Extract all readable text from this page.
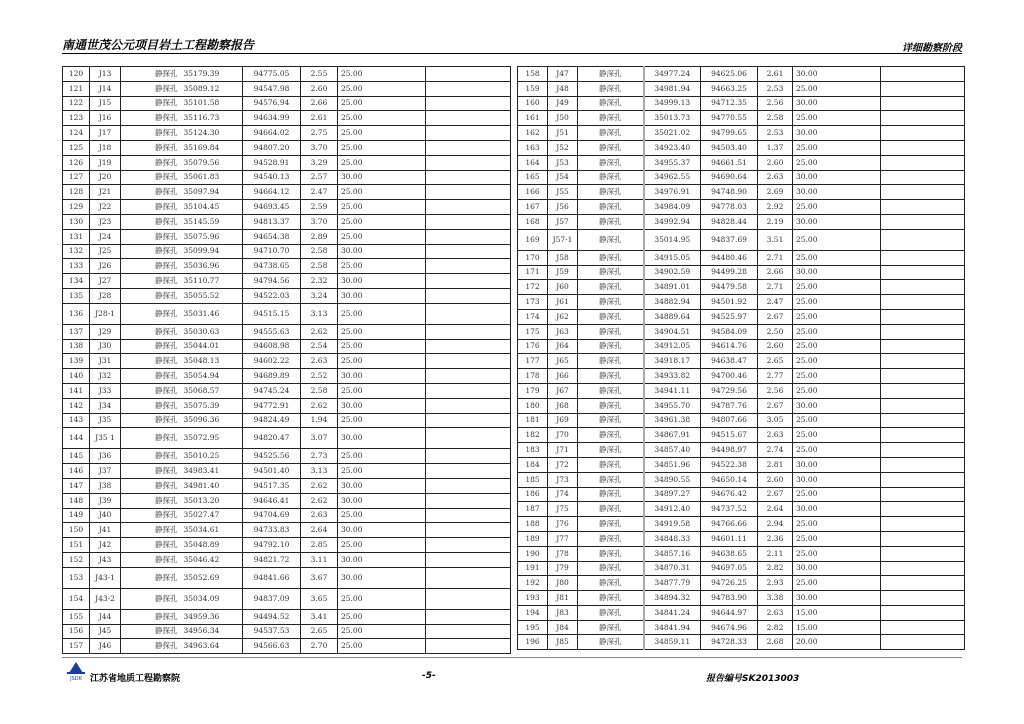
南通世茂公元项目岩土工程勘察报告	详细勘察阶段
120	J13	静探孔	35179.39	94775.05	2.55	25.00	
121	J14	静探孔	35089.12	94547.98	2.60	25.00	
122	J15	静探孔	35101.58	94576.94	2.66	25.00	
123	J16	静探孔	35116.73	94634.99	2.61	25.00	
124	J17	静探孔	35124.30	94664.02	2.75	25.00	
125	J18	静探孔	35169.84	94807.20	3.70	25.00	
126	J19	静探孔	35079.56	94528.91	3.29	25.00	
127	J20	静探孔	35061.83	94540.13	2.57	30.00	
128	J21	静探孔	35097.94	94664.12	2.47	25.00	
129	J22	静探孔	35104.45	94693.45	2.59	25.00	
130	J23	静探孔	35145.59	94813.37	3.70	25.00	
131	J24	静探孔	35075.96	94654.38	2.89	25.00	
132	J25	静探孔	35099.94	94710.70	2.58	30.00	
133	J26	静探孔	35036.96	94738.65	2.58	25.00	
134	J27	静探孔	35110.77	94794.56	2.32	30.00	
135	J28	静探孔	35055.52	94522.03	3.24	30.00	
136	J28-1	静探孔	35031.46	94515.15	3.13	25.00	
137	J29	静探孔	35030.63	94555.63	2.62	25.00	
138	J30	静探孔	35044.01	94608.98	2.54	25.00	
139	J31	静探孔	35048.13	94602.22	2.63	25.00	
140	J32	静探孔	35054.94	94689.89	2.52	30.00	
141	J33	静探孔	35068.57	94745.24	2.58	25.00	
142	J34	静探孔	35075.39	94772.91	2.62	30.00	
143	J35	静探孔	35096.36	94824.49	1.94	25.00	
144	J35 1	静探孔	35072.95	94820.47	3.07	30.00	
145	J36	静探孔	35010.25	94525.56	2.73	25.00	
146	J37	静探孔	34983.41	94501.40	3.13	25.00	
147	J38	静探孔	34981.40	94517.35	2.62	30.00	
148	J39	静探孔	35013.20	94646.41	2.62	30.00	
149	J40	静探孔	35027.47	94704.69	2.63	25.00	
150	J41	静探孔	35034.61	94733.83	2.64	30.00	
151	J42	静探孔	35048.89	94792.10	2.85	25.00	
152	J43	静探孔	35046.42	94821.72	3.11	30.00	
153	J43-1	静探孔	35052.69	94841.66	3.67	30.00	
154	J43-2	静探孔	35034.09	94837.09	3.65	25.00	
155	J44	静探孔	34959.36	94494.52	3.41	25.00	
156	J45	静探孔	34956.34	94537.53	2.65	25.00	
157	J46	静探孔	34963.64	94566.63	2.70	25.00	
158	J47	静深孔	34977.24	94625.06	2.61	30.00	
159	J48	静深孔	34981.94	94663.25	2.53	25.00	
160	J49	静深孔	34999.13	94712.35	2.56	30.00	
161	J50	静深孔	35013.73	94770.55	2.58	25.00	
162	J51	静深孔	35021.02	94799.65	2.53	30.00	
163	J52	静深孔	34923.40	94503.40	1.37	25.00	
164	J53	静深孔	34955.37	94661.51	2.60	25.00	
165	J54	静深孔	34962.55	94690.64	2.63	30.00	
166	J55	静深孔	34976.91	94748.90	2.69	30.00	
167	J56	静深孔	34984.09	94778.03	2.92	25.00	
168	J57	静深孔	34992.94	94828.44	2.19	30.00	
169	J57-1	静深孔	35014.95	94837.69	3.51	25.00	
170	J58	静深孔	34915.05	94480.46	2.71	25.00	
171	J59	静深孔	34902.59	94499.28	2.66	30.00	
172	J60	静深孔	34891.01	94479.58	2.71	25.00	
173	J61	静深孔	34882.94	94501.92	2.47	25.00	
174	J62	静深孔	34889.64	94525.97	2.67	25.00	
175	J63	静深孔	34904.51	94584.09	2.50	25.00	
176	J64	静深孔	34912.05	94614.76	2.60	25.00	
177	J65	静深孔	34918.17	94638.47	2.65	25.00	
178	J66	静深孔	34933.82	94700.46	2.77	25.00	
179	J67	静深孔	34941.11	94729.56	2.56	25.00	
180	J68	静深孔	34955.70	94787.76	2.67	30.00	
181	J69	静深孔	34961.38	94807.66	3.05	25.00	
182	J70	静深孔	34867.91	94515.67	2.63	25.00	
183	J71	静深孔	34857.40	94498.97	2.74	25.00	
184	J72	静深孔	34851.96	94522.38	2.81	30.00	
185	J73	静深孔	34890.55	94650.14	2.60	30.00	
186	J74	静深孔	34897.27	94676.42	2.67	25.00	
187	J75	静深孔	34912.40	94737.52	2.64	30.00	
188	J76	静深孔	34919.58	94766.66	2.94	25.00	
189	J77	静深孔	34848.33	94601.11	2.36	25.00	
190	J78	静深孔	34857.16	94638.65	2.11	25.00	
191	J79	静深孔	34870.31	94697.05	2.82	30.00	
192	J80	静深孔	34877.79	94726.25	2.93	25.00	
193	J81	静深孔	34894.32	94783.90	3.38	30.00	
194	J83	静深孔	34841.24	94644.97	2.63	15.00	
195	J84	静深孔	34841.94	94674.96	2.82	15.00	
196	J85	静深孔	34859.11	94728.33	2.68	20.00	
JSDK 江苏省地质工程勘察院	-5-	报告编号SK2013003
